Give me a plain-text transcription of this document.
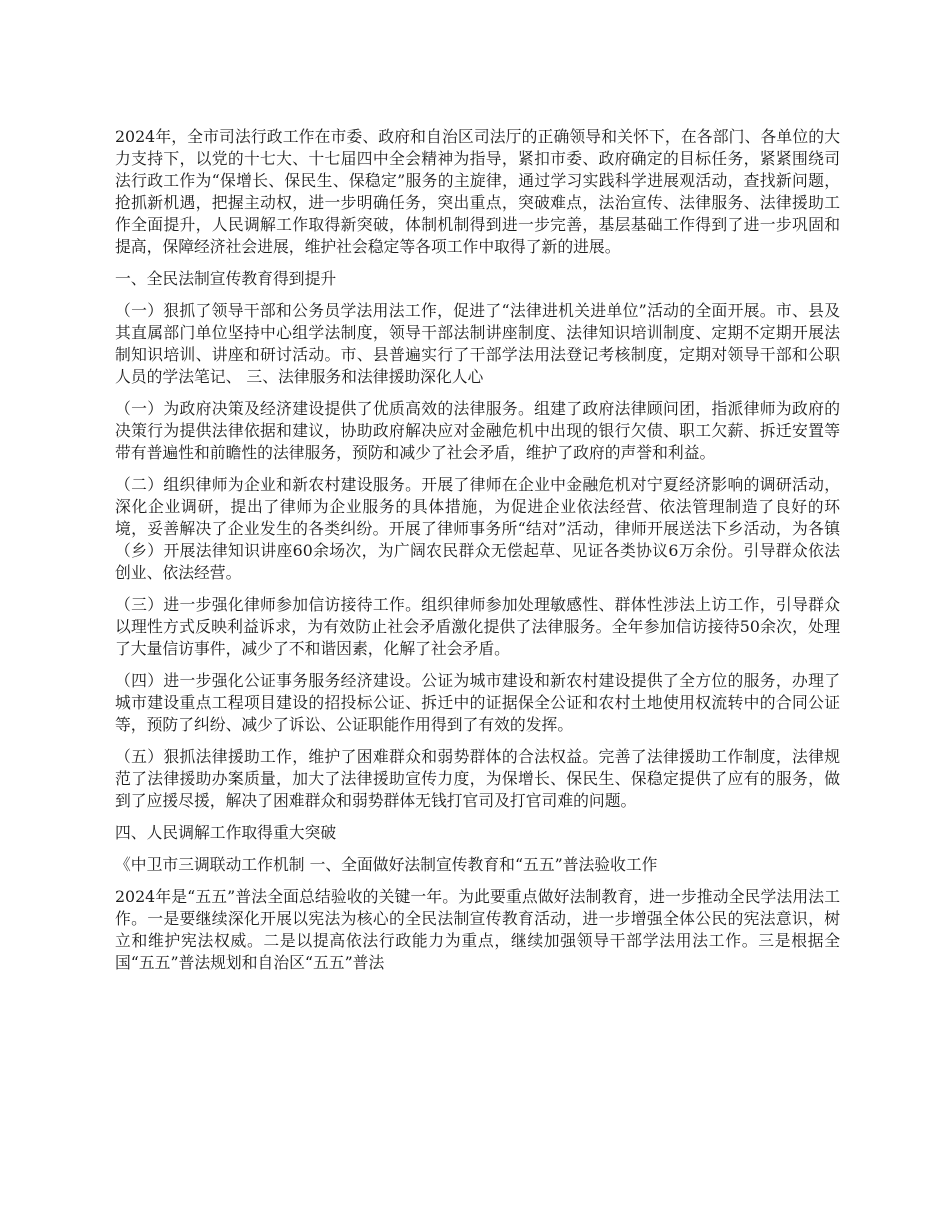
2024年，全市司法行政工作在市委、政府和自治区司法厅的正确领导和关怀下，在各部门、各单位的大力支持下，以党的十七大、十七届四中全会精神为指导，紧扣市委、政府确定的目标任务，紧紧围绕司法行政工作为“保增长、保民生、保稳定”服务的主旋律，通过学习实践科学进展观活动，查找新问题，抢抓新机遇，把握主动权，进一步明确任务，突出重点，突破难点，法治宣传、法律服务、法律援助工作全面提升，人民调解工作取得新突破，体制机制得到进一步完善，基层基础工作得到了进一步巩固和提高，保障经济社会进展，维护社会稳定等各项工作中取得了新的进展。

一、全民法制宣传教育得到提升

（一）狠抓了领导干部和公务员学法用法工作，促进了“法律进机关进单位”活动的全面开展。市、县及其直属部门单位坚持中心组学法制度，领导干部法制讲座制度、法律知识培训制度、定期不定期开展法制知识培训、讲座和研讨活动。市、县普遍实行了干部学法用法登记考核制度，定期对领导干部和公职人员的学法笔记、 三、法律服务和法律援助深化人心

（一）为政府决策及经济建设提供了优质高效的法律服务。组建了政府法律顾问团，指派律师为政府的决策行为提供法律依据和建议，协助政府解决应对金融危机中出现的银行欠债、职工欠薪、拆迁安置等带有普遍性和前瞻性的法律服务，预防和减少了社会矛盾，维护了政府的声誉和利益。

（二）组织律师为企业和新农村建设服务。开展了律师在企业中金融危机对宁夏经济影响的调研活动，深化企业调研，提出了律师为企业服务的具体措施，为促进企业依法经营、依法管理制造了良好的环境，妥善解决了企业发生的各类纠纷。开展了律师事务所“结对”活动，律师开展送法下乡活动，为各镇（乡）开展法律知识讲座60余场次，为广阔农民群众无偿起草、见证各类协议6万余份。引导群众依法创业、依法经营。

（三）进一步强化律师参加信访接待工作。组织律师参加处理敏感性、群体性涉法上访工作，引导群众以理性方式反映利益诉求，为有效防止社会矛盾激化提供了法律服务。全年参加信访接待50余次，处理了大量信访事件，减少了不和谐因素，化解了社会矛盾。

（四）进一步强化公证事务服务经济建设。公证为城市建设和新农村建设提供了全方位的服务，办理了城市建设重点工程项目建设的招投标公证、拆迁中的证据保全公证和农村土地使用权流转中的合同公证等，预防了纠纷、减少了诉讼、公证职能作用得到了有效的发挥。

（五）狠抓法律援助工作，维护了困难群众和弱势群体的合法权益。完善了法律援助工作制度，法律规范了法律援助办案质量，加大了法律援助宣传力度，为保增长、保民生、保稳定提供了应有的服务，做到了应援尽援，解决了困难群众和弱势群体无钱打官司及打官司难的问题。

四、人民调解工作取得重大突破

《中卫市三调联动工作机制 一、全面做好法制宣传教育和“五五”普法验收工作

2024年是“五五”普法全面总结验收的关键一年。为此要重点做好法制教育，进一步推动全民学法用法工作。一是要继续深化开展以宪法为核心的全民法制宣传教育活动，进一步增强全体公民的宪法意识，树立和维护宪法权威。二是以提高依法行政能力为重点，继续加强领导干部学法用法工作。三是根据全国“五五”普法规划和自治区“五五”普法
